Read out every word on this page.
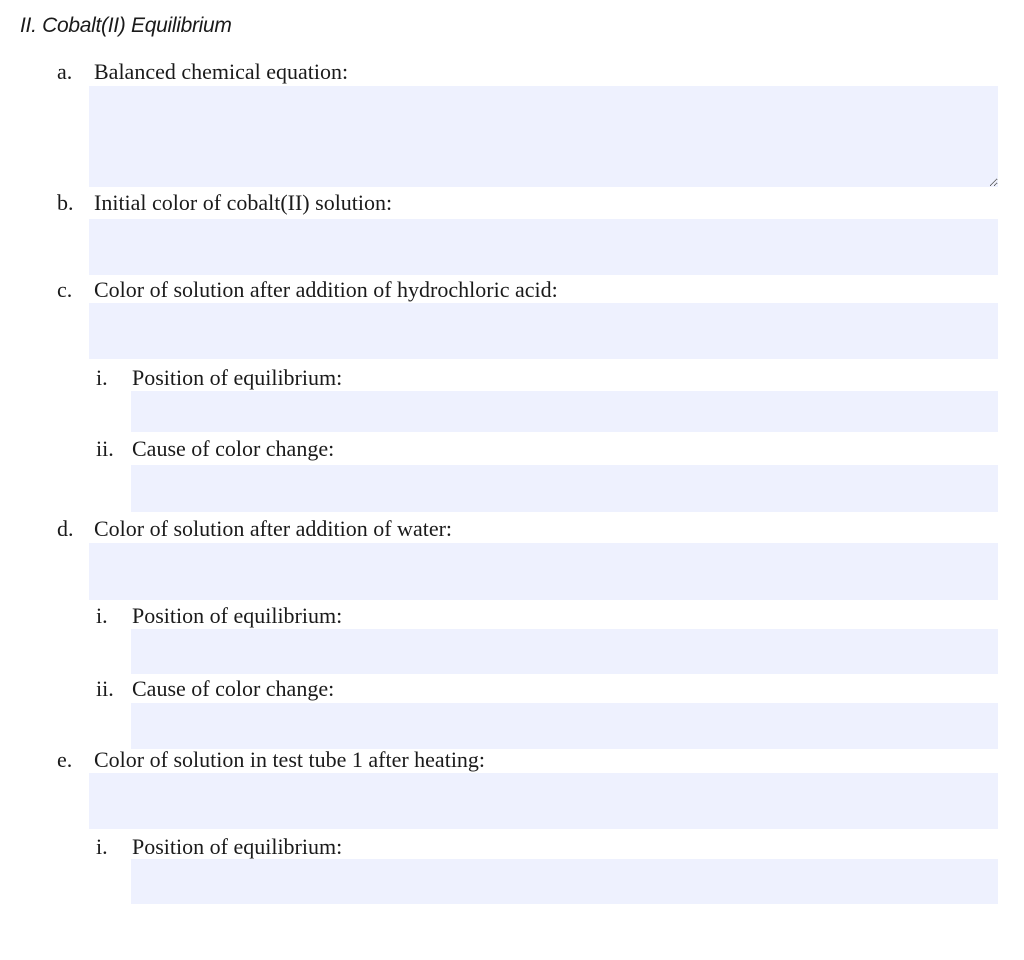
II. Cobalt(II) Equilibrium
a. Balanced chemical equation:
b. Initial color of cobalt(II) solution:
c. Color of solution after addition of hydrochloric acid:
i. Position of equilibrium:
ii. Cause of color change:
d. Color of solution after addition of water:
i. Position of equilibrium:
ii. Cause of color change:
e. Color of solution in test tube 1 after heating:
i. Position of equilibrium:
